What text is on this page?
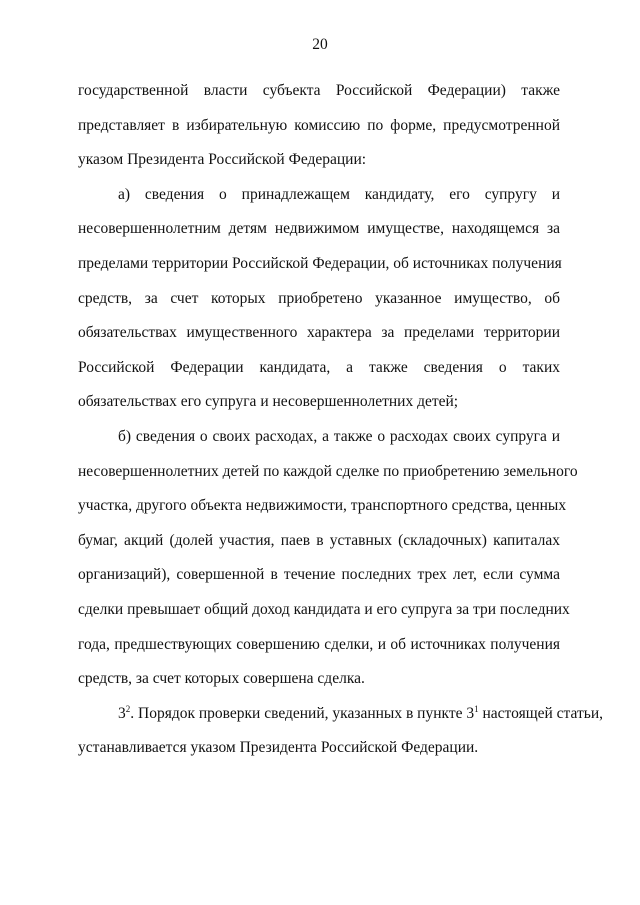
20
государственной власти субъекта Российской Федерации) также
представляет в избирательную комиссию по форме, предусмотренной
указом Президента Российской Федерации:
а) сведения о принадлежащем кандидату, его супругу и
несовершеннолетним детям недвижимом имуществе, находящемся за
пределами территории Российской Федерации, об источниках получения
средств, за счет которых приобретено указанное имущество, об
обязательствах имущественного характера за пределами территории
Российской Федерации кандидата, а также сведения о таких
обязательствах его супруга и несовершеннолетних детей;
б) сведения о своих расходах, а также о расходах своих супруга и
несовершеннолетних детей по каждой сделке по приобретению земельного
участка, другого объекта недвижимости, транспортного средства, ценных
бумаг, акций (долей участия, паев в уставных (складочных) капиталах
организаций), совершенной в течение последних трех лет, если сумма
сделки превышает общий доход кандидата и его супруга за три последних
года, предшествующих совершению сделки, и об источниках получения
средств, за счет которых совершена сделка.
$3^2$. Порядок проверки сведений, указанных в пункте $3^1$ настоящей статьи,
устанавливается указом Президента Российской Федерации.
